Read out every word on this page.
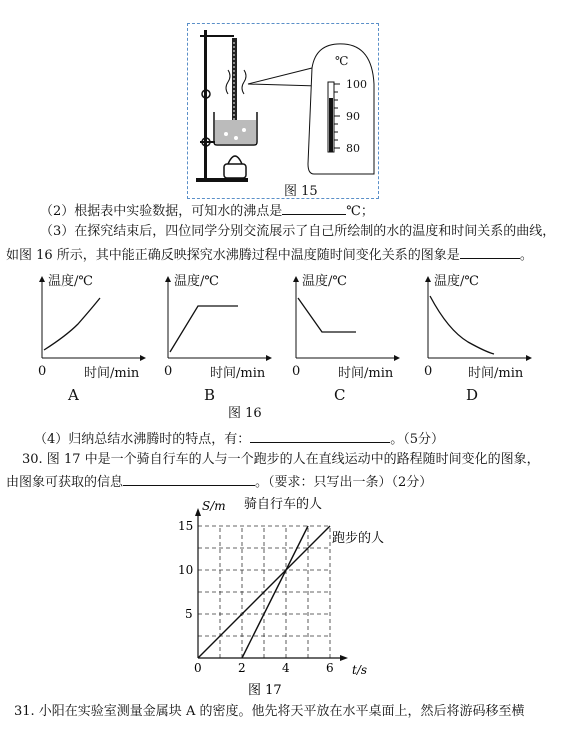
℃
100
90
80
图 15
（2）根据表中实验数据，可知水的沸点是	℃；
（3）在探究结束后，四位同学分别交流展示了自己所绘制的水的温度和时间关系的曲线，
如图 16 所示，其中能正确反映探究水沸腾过程中温度随时间变化关系的图象是	。
温度/℃	温度/℃	温度/℃	温度/℃
0	0	0	0
时间/min	时间/min	时间/min	时间/min
A	B	C	D
图 16
（4）归纳总结水沸腾时的特点，有：	。（5分）
30. 图 17 中是一个骑自行车的人与一个跑步的人在直线运动中的路程随时间变化的图象，
由图象可获取的信息	。（要求：只写出一条）（2分）
0	2	4	6
5
10
15
骑自行车的人
S/m
t/s
跑步的人
图 17
31. 小阳在实验室测量金属块 A 的密度。他先将天平放在水平桌面上，然后将游码移至横
